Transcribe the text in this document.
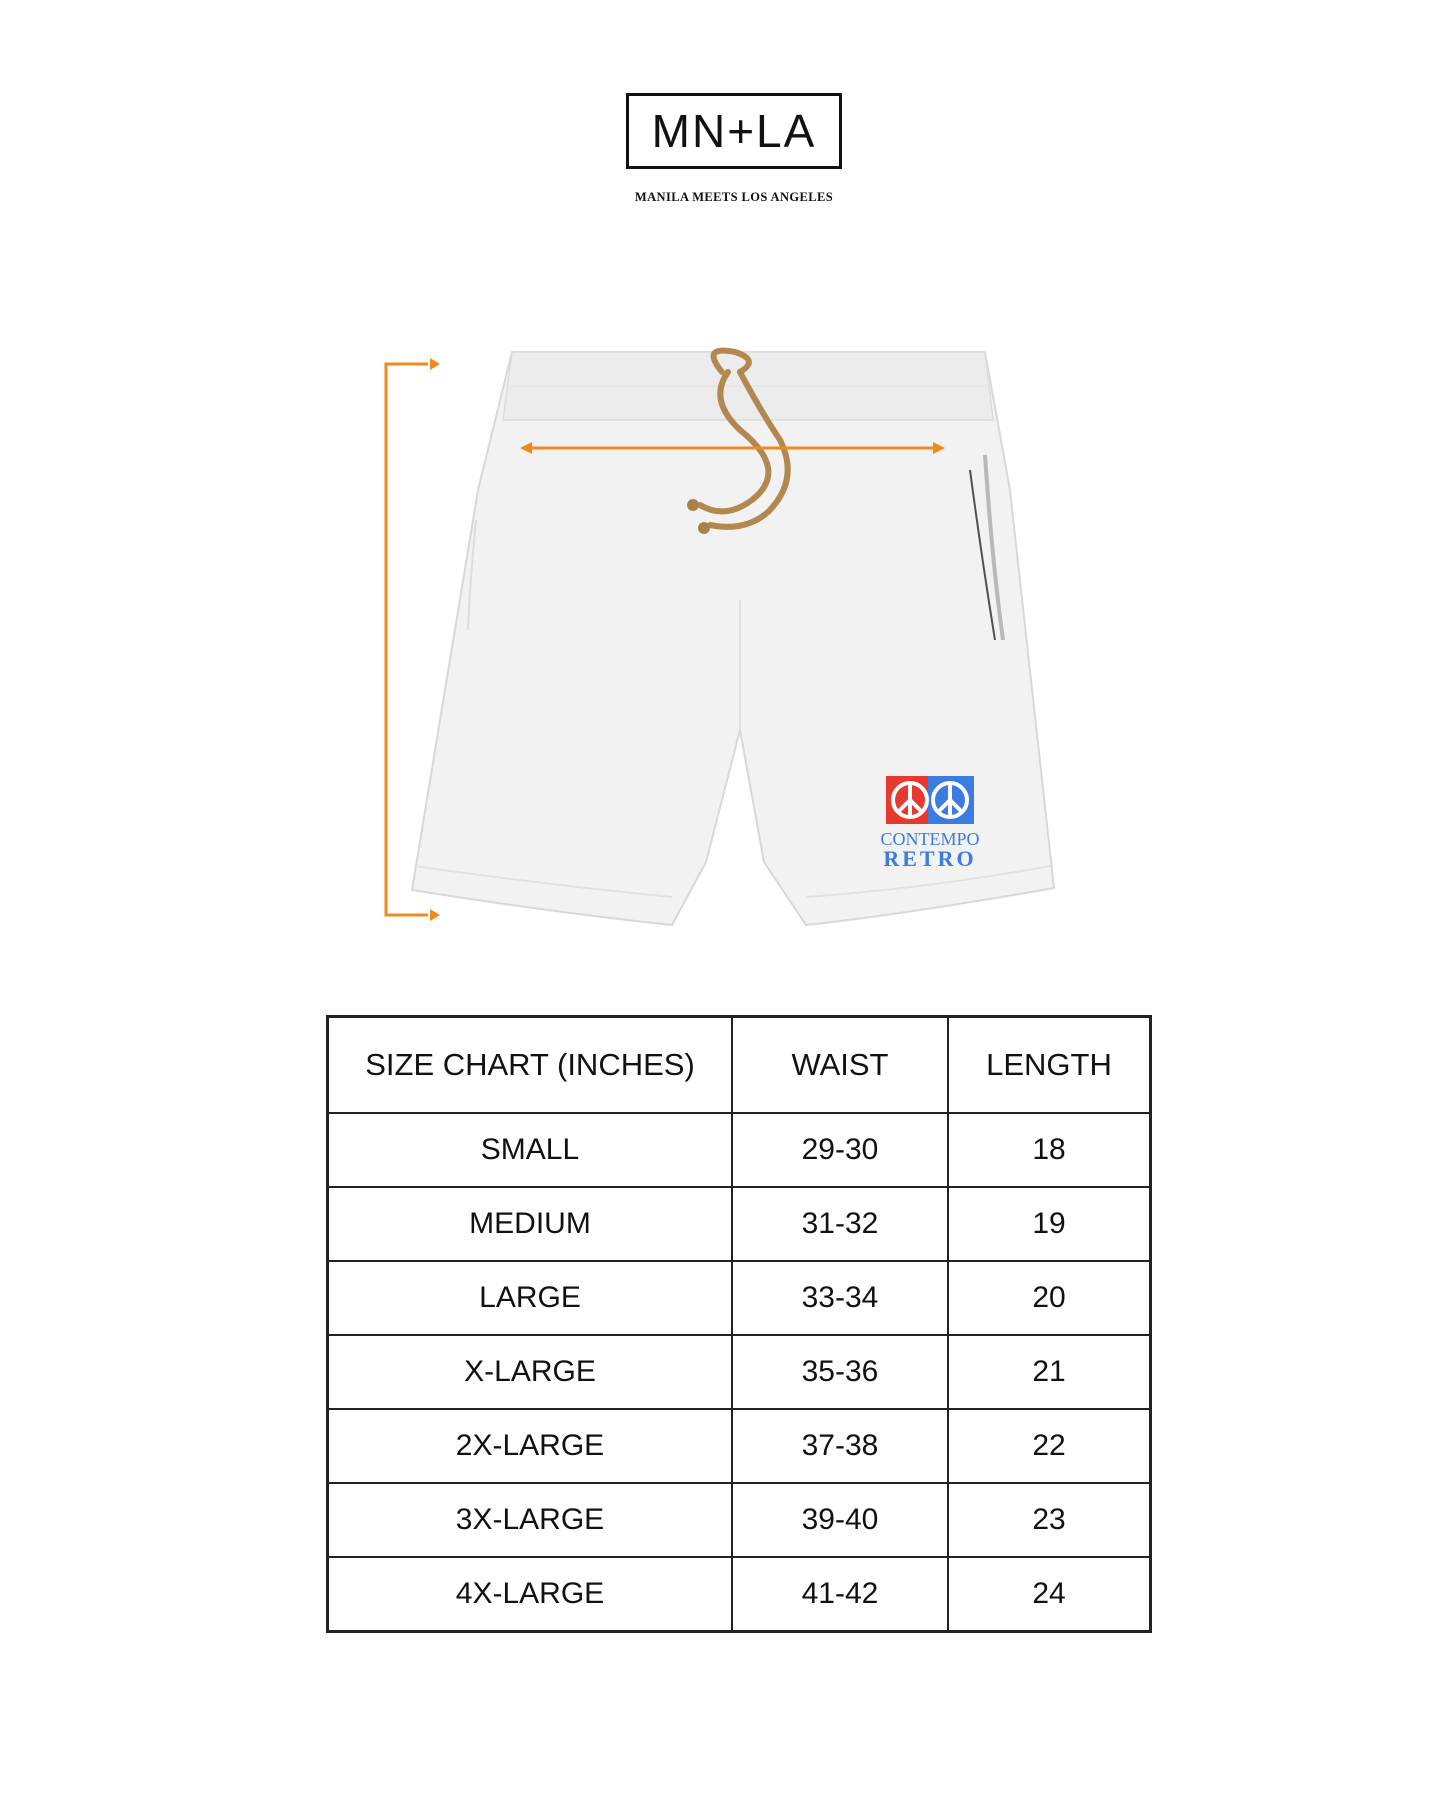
MN+LA
MANILA MEETS LOS ANGELES
CONTEMPO
RETRO
SIZE CHART (INCHES)	WAIST	LENGTH
SMALL	29-30	18
MEDIUM	31-32	19
LARGE	33-34	20
X-LARGE	35-36	21
2X-LARGE	37-38	22
3X-LARGE	39-40	23
4X-LARGE	41-42	24
